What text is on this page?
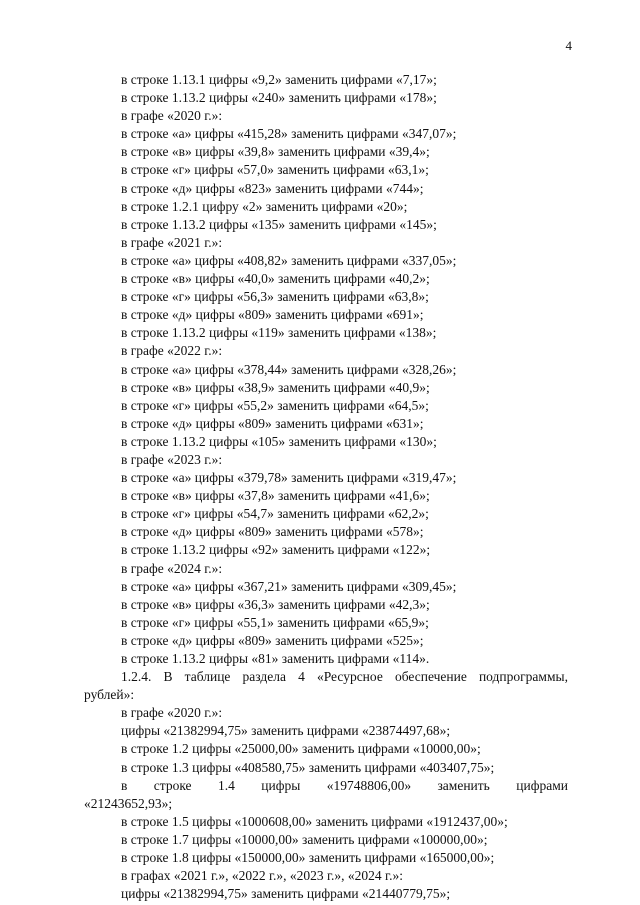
4
в строке 1.13.1 цифры «9,2» заменить цифрами «7,17»;
в строке 1.13.2 цифры «240» заменить цифрами «178»;
в графе «2020 г.»:
в строке «а» цифры «415,28» заменить цифрами «347,07»;
в строке «в» цифры «39,8» заменить цифрами «39,4»;
в строке «г» цифры «57,0» заменить цифрами «63,1»;
в строке «д» цифры «823» заменить цифрами «744»;
в строке 1.2.1 цифру «2» заменить цифрами «20»;
в строке 1.13.2 цифры «135» заменить цифрами «145»;
в графе «2021 г.»:
в строке «а» цифры «408,82» заменить цифрами «337,05»;
в строке «в» цифры «40,0» заменить цифрами «40,2»;
в строке «г» цифры «56,3» заменить цифрами «63,8»;
в строке «д» цифры «809» заменить цифрами «691»;
в строке 1.13.2 цифры «119» заменить цифрами «138»;
в графе «2022 г.»:
в строке «а» цифры «378,44» заменить цифрами «328,26»;
в строке «в» цифры «38,9» заменить цифрами «40,9»;
в строке «г» цифры «55,2» заменить цифрами «64,5»;
в строке «д» цифры «809» заменить цифрами «631»;
в строке 1.13.2 цифры «105» заменить цифрами «130»;
в графе «2023 г.»:
в строке «а» цифры «379,78» заменить цифрами «319,47»;
в строке «в» цифры «37,8» заменить цифрами «41,6»;
в строке «г» цифры «54,7» заменить цифрами «62,2»;
в строке «д» цифры «809» заменить цифрами «578»;
в строке 1.13.2 цифры «92» заменить цифрами «122»;
в графе «2024 г.»:
в строке «а» цифры «367,21» заменить цифрами «309,45»;
в строке «в» цифры «36,3» заменить цифрами «42,3»;
в строке «г» цифры «55,1» заменить цифрами «65,9»;
в строке «д» цифры «809» заменить цифрами «525»;
в строке 1.13.2 цифры «81» заменить цифрами «114».
1.2.4. В таблице раздела 4 «Ресурсное обеспечение подпрограммы,
рублей»:
в графе «2020 г.»:
цифры «21382994,75» заменить цифрами «23874497,68»;
в строке 1.2 цифры «25000,00» заменить цифрами «10000,00»;
в строке 1.3 цифры «408580,75» заменить цифрами «403407,75»;
в строке 1.4 цифры «19748806,00» заменить цифрами
«21243652,93»;
в строке 1.5 цифры «1000608,00» заменить цифрами «1912437,00»;
в строке 1.7 цифры «10000,00» заменить цифрами «100000,00»;
в строке 1.8 цифры «150000,00» заменить цифрами «165000,00»;
в графах «2021 г.», «2022 г.», «2023 г.», «2024 г.»:
цифры «21382994,75» заменить цифрами «21440779,75»;
